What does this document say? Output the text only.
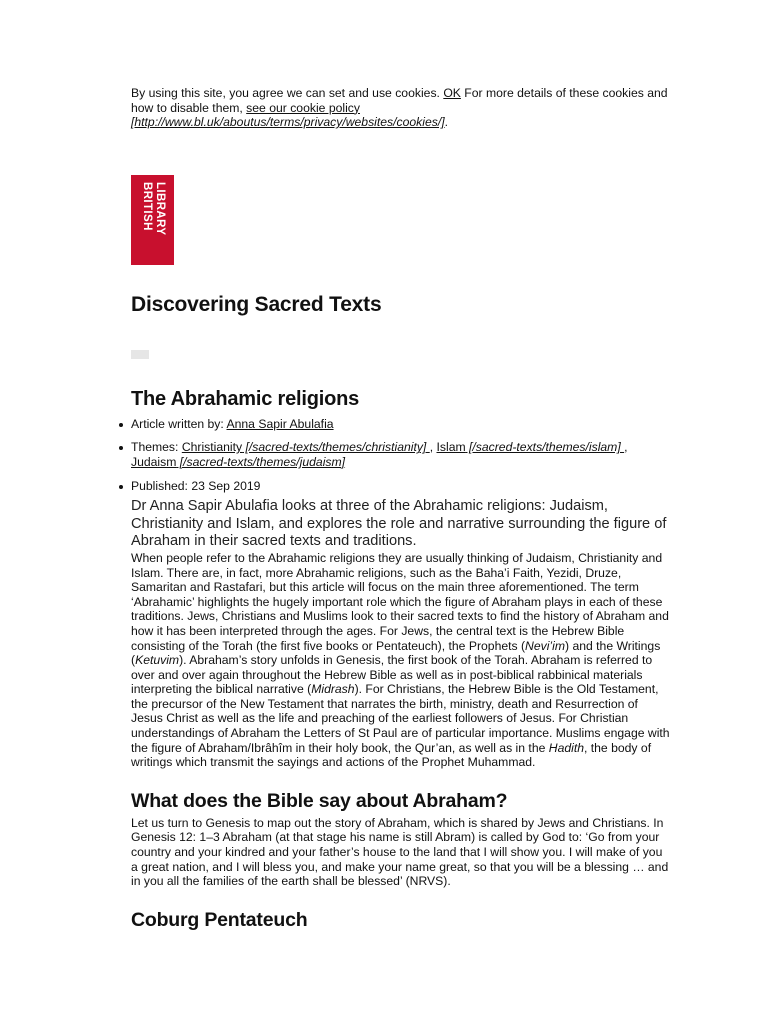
By using this site, you agree we can set and use cookies. OK For more details of these cookies and how to disable them, see our cookie policy
[http://www.bl.uk/aboutus/terms/privacy/websites/cookies/].

LIBRARY
BRITISH
Discovering Sacred Texts
The Abrahamic religions
Article written by: Anna Sapir Abulafia
Themes: Christianity [/sacred-texts/themes/christianity] , Islam [/sacred-texts/themes/islam] , Judaism [/sacred-texts/themes/judaism]
Published: 23 Sep 2019

Dr Anna Sapir Abulafia looks at three of the Abrahamic religions: Judaism, Christianity and Islam, and explores the role and narrative surrounding the figure of Abraham in their sacred texts and traditions.

When people refer to the Abrahamic religions they are usually thinking of Judaism, Christianity and Islam. There are, in fact, more Abrahamic religions, such as the Baha’i Faith, Yezidi, Druze, Samaritan and Rastafari, but this article will focus on the main three aforementioned. The term ‘Abrahamic’ highlights the hugely important role which the figure of Abraham plays in each of these traditions. Jews, Christians and Muslims look to their sacred texts to find the history of Abraham and how it has been interpreted through the ages. For Jews, the central text is the Hebrew Bible consisting of the Torah (the first five books or Pentateuch), the Prophets (Nevi’im) and the Writings (Ketuvim). Abraham’s story unfolds in Genesis, the first book of the Torah. Abraham is referred to over and over again throughout the Hebrew Bible as well as in post-biblical rabbinical materials interpreting the biblical narrative (Midrash). For Christians, the Hebrew Bible is the Old Testament, the precursor of the New Testament that narrates the birth, ministry, death and Resurrection of Jesus Christ as well as the life and preaching of the earliest followers of Jesus. For Christian understandings of Abraham the Letters of St Paul are of particular importance. Muslims engage with the figure of Abraham/Ibrâhîm in their holy book, the Qur’an, as well as in the Hadith, the body of writings which transmit the sayings and actions of the Prophet Muhammad.

What does the Bible say about Abraham?

Let us turn to Genesis to map out the story of Abraham, which is shared by Jews and Christians. In Genesis 12: 1–3 Abraham (at that stage his name is still Abram) is called by God to: ‘Go from your country and your kindred and your father’s house to the land that I will show you. I will make of you a great nation, and I will bless you, and make your name great, so that you will be a blessing … and in you all the families of the earth shall be blessed’ (NRVS).

Coburg Pentateuch
